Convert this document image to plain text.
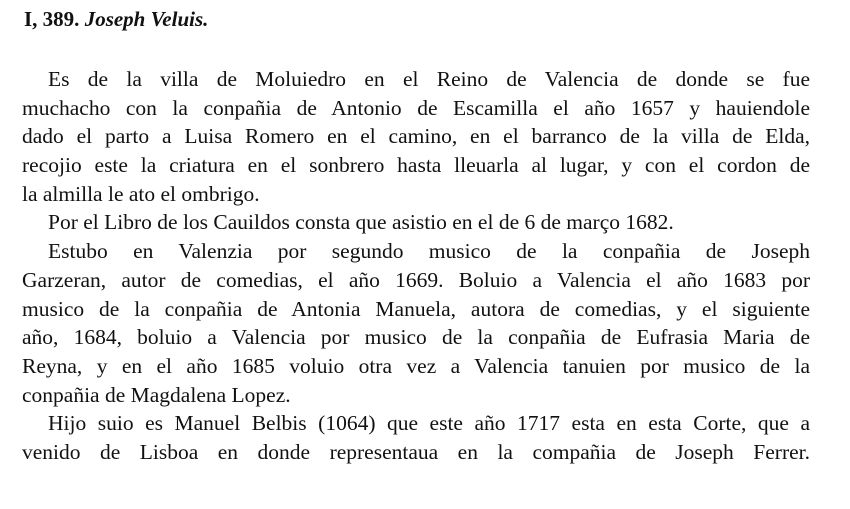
I, 389. Joseph Veluis.
Es de la villa de Moluiedro en el Reino de Valencia de donde se fue
muchacho con la conpañia de Antonio de Escamilla el año 1657 y hauiendole
dado el parto a Luisa Romero en el camino, en el barranco de la villa de Elda,
recojio este la criatura en el sonbrero hasta lleuarla al lugar, y con el cordon de
la almilla le ato el ombrigo.
Por el Libro de los Cauildos consta que asistio en el de 6 de março 1682.
Estubo en Valenzia por segundo musico de la conpañia de Joseph
Garzeran, autor de comedias, el año 1669. Boluio a Valencia el año 1683 por
musico de la conpañia de Antonia Manuela, autora de comedias, y el siguiente
año, 1684, boluio a Valencia por musico de la conpañia de Eufrasia Maria de
Reyna, y en el año 1685 voluio otra vez a Valencia tanuien por musico de la
conpañia de Magdalena Lopez.
Hijo suio es Manuel Belbis (1064) que este año 1717 esta en esta Corte, que a
venido de Lisboa en donde representaua en la compañia de Joseph Ferrer.
